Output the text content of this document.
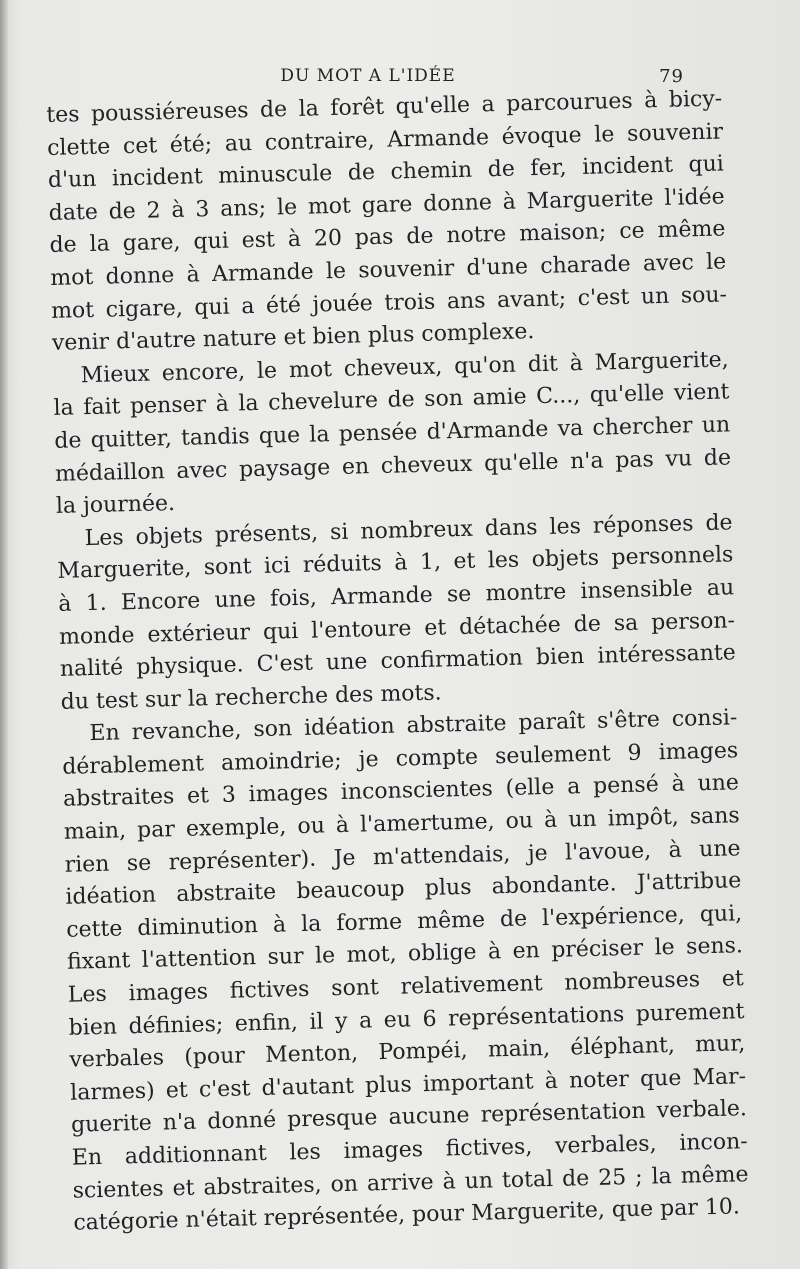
DU MOT A L'IDÉE	79
tes poussiéreuses de la forêt qu'elle a parcourues à bicy-
clette cet été; au contraire, Armande évoque le souvenir
d'un incident minuscule de chemin de fer, incident qui
date de 2 à 3 ans; le mot gare donne à Marguerite l'idée
de la gare, qui est à 20 pas de notre maison; ce même
mot donne à Armande le souvenir d'une charade avec le
mot cigare, qui a été jouée trois ans avant; c'est un sou-
venir d'autre nature et bien plus complexe.
Mieux encore, le mot cheveux, qu'on dit à Marguerite,
la fait penser à la chevelure de son amie C..., qu'elle vient
de quitter, tandis que la pensée d'Armande va chercher un
médaillon avec paysage en cheveux qu'elle n'a pas vu de
la journée.
Les objets présents, si nombreux dans les réponses de
Marguerite, sont ici réduits à 1, et les objets personnels
à 1. Encore une fois, Armande se montre insensible au
monde extérieur qui l'entoure et détachée de sa person-
nalité physique. C'est une confirmation bien intéressante
du test sur la recherche des mots.
En revanche, son idéation abstraite paraît s'être consi-
dérablement amoindrie; je compte seulement 9 images
abstraites et 3 images inconscientes (elle a pensé à une
main, par exemple, ou à l'amertume, ou à un impôt, sans
rien se représenter). Je m'attendais, je l'avoue, à une
idéation abstraite beaucoup plus abondante. J'attribue
cette diminution à la forme même de l'expérience, qui,
fixant l'attention sur le mot, oblige à en préciser le sens.
Les images fictives sont relativement nombreuses et
bien définies; enfin, il y a eu 6 représentations purement
verbales (pour Menton, Pompéi, main, éléphant, mur,
larmes) et c'est d'autant plus important à noter que Mar-
guerite n'a donné presque aucune représentation verbale.
En additionnant les images fictives, verbales, incon-
scientes et abstraites, on arrive à un total de 25 ; la même
catégorie n'était représentée, pour Marguerite, que par 10.
